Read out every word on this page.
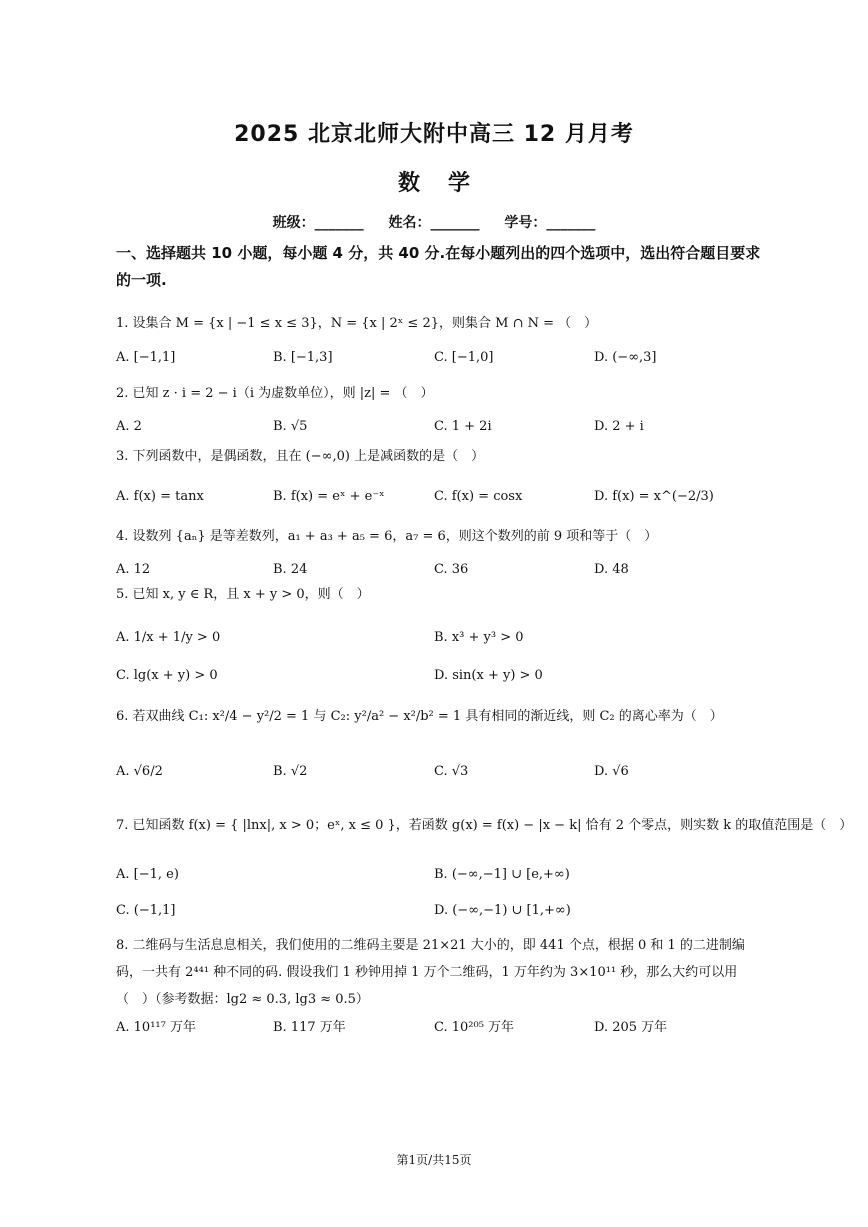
2025 北京北师大附中高三 12 月月考
数学
班级：_______ 姓名：_______ 学号：_______
一、选择题共 10 小题，每小题 4 分，共 40 分.在每小题列出的四个选项中，选出符合题目要求的一项.
1. 设集合 M = {x | −1 ≤ x ≤ 3}，N = {x | 2ˣ ≤ 2}，则集合 M ∩ N = （　）
A. [−1,1]	B. [−1,3]	C. [−1,0]	D. (−∞,3]
2. 已知 z · i = 2 − i（i 为虚数单位），则 |z| = （　）
A. 2	B. √5	C. 1 + 2i	D. 2 + i
3. 下列函数中，是偶函数，且在 (−∞,0) 上是减函数的是（　）
A. f(x) = tanx	B. f(x) = eˣ + e⁻ˣ	C. f(x) = cosx	D. f(x) = x^(−2/3)
4. 设数列 {aₙ} 是等差数列，a₁ + a₃ + a₅ = 6，a₇ = 6，则这个数列的前 9 项和等于（　）
A. 12	B. 24	C. 36	D. 48
5. 已知 x, y ∈ R，且 x + y > 0，则（　）
A. 1/x + 1/y > 0	B. x³ + y³ > 0
C. lg(x + y) > 0	D. sin(x + y) > 0
6. 若双曲线 C₁: x²/4 − y²/2 = 1 与 C₂: y²/a² − x²/b² = 1 具有相同的渐近线，则 C₂ 的离心率为（　）
A. √6/2	B. √2	C. √3	D. √6
7. 已知函数 f(x) = { |lnx|, x > 0；eˣ, x ≤ 0 }，若函数 g(x) = f(x) − |x − k| 恰有 2 个零点，则实数 k 的取值范围是（　）
A. [−1, e)	B. (−∞,−1] ∪ [e,+∞)
C. (−1,1]	D. (−∞,−1) ∪ [1,+∞)
8. 二维码与生活息息相关，我们使用的二维码主要是 21×21 大小的，即 441 个点，根据 0 和 1 的二进制编码，一共有 2⁴⁴¹ 种不同的码. 假设我们 1 秒钟用掉 1 万个二维码，1 万年约为 3×10¹¹ 秒，那么大约可以用（　）（参考数据：lg2 ≈ 0.3, lg3 ≈ 0.5）
A. 10¹¹⁷ 万年	B. 117 万年	C. 10²⁰⁵ 万年	D. 205 万年
第1页/共15页
